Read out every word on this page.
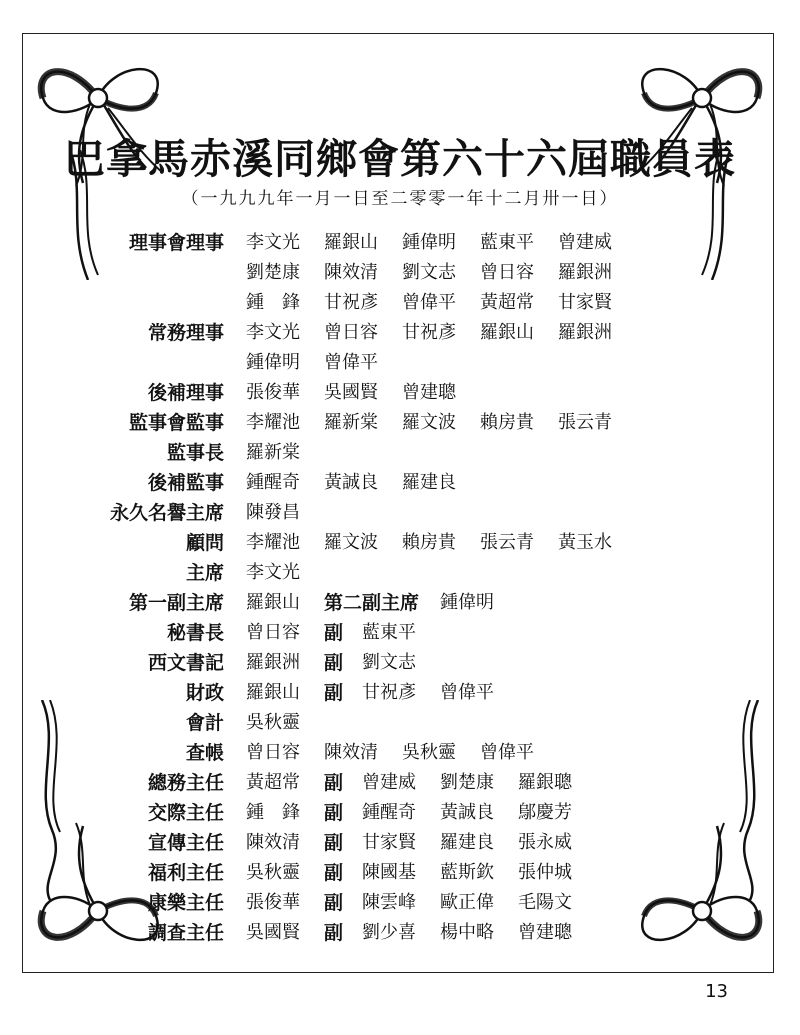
巴拿馬赤溪同鄉會第六十六屆職員表
（一九九九年一月一日至二零零一年十二月卅一日）
理事會理事 李文光 羅銀山 鍾偉明 藍東平 曾建威
劉楚康 陳效清 劉文志 曾日容 羅銀洲
鍾　鋒 甘祝彥 曾偉平 黃超常 甘家賢
常務理事 李文光 曾日容 甘祝彥 羅銀山 羅銀洲
鍾偉明 曾偉平
後補理事 張俊華 吳國賢 曾建聰
監事會監事 李耀池 羅新棠 羅文波 賴房貴 張云青
監事長 羅新棠
後補監事 鍾醒奇 黃誠良 羅建良
永久名譽主席 陳發昌
顧問 李耀池 羅文波 賴房貴 張云青 黃玉水
主席 李文光
第一副主席 羅銀山 第二副主席 鍾偉明
秘書長 曾日容 副 藍東平
西文書記 羅銀洲 副 劉文志
財政 羅銀山 副 甘祝彥 曾偉平
會計 吳秋靈
查帳 曾日容 陳效清 吳秋靈 曾偉平
總務主任 黃超常 副 曾建威 劉楚康 羅銀聰
交際主任 鍾　鋒 副 鍾醒奇 黃誠良 鄔慶芳
宣傳主任 陳效清 副 甘家賢 羅建良 張永威
福利主任 吳秋靈 副 陳國基 藍斯欽 張仲城
康樂主任 張俊華 副 陳雲峰 歐正偉 毛陽文
調查主任 吳國賢 副 劉少喜 楊中略 曾建聰
13
